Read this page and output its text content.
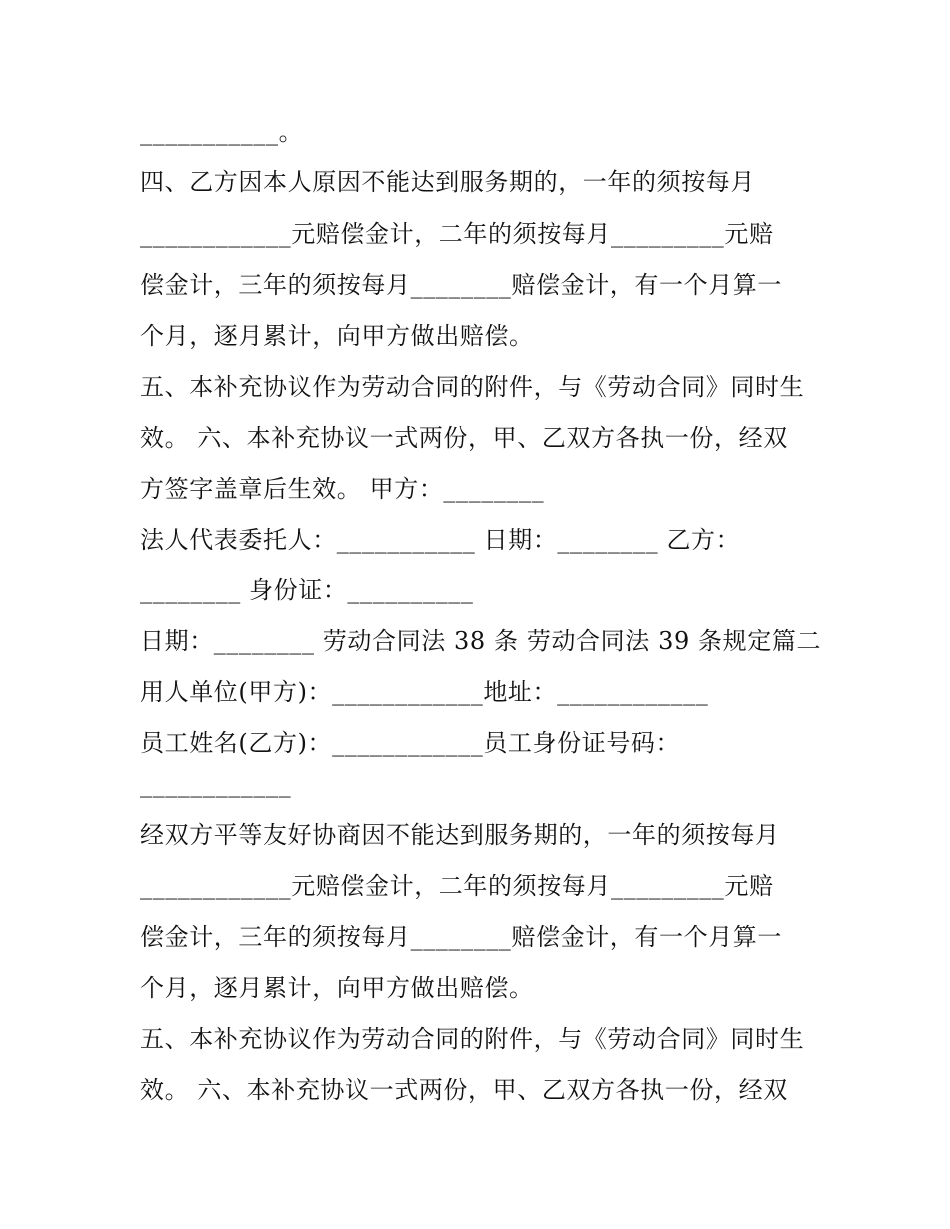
___________。
四、乙方因本人原因不能达到服务期的，一年的须按每月
____________元赔偿金计，二年的须按每月_________元赔
偿金计，三年的须按每月________赔偿金计，有一个月算一
个月，逐月累计，向甲方做出赔偿。
五、本补充协议作为劳动合同的附件，与《劳动合同》同时生
效。 六、本补充协议一式两份，甲、乙双方各执一份，经双
方签字盖章后生效。 甲方：________
法人代表委托人：___________ 日期：________ 乙方：
________ 身份证：__________
日期：________ 劳动合同法 38 条 劳动合同法 39 条规定篇二
用人单位(甲方)：____________地址：____________
员工姓名(乙方)：____________员工身份证号码：
____________
经双方平等友好协商因不能达到服务期的，一年的须按每月
____________元赔偿金计，二年的须按每月_________元赔
偿金计，三年的须按每月________赔偿金计，有一个月算一
个月，逐月累计，向甲方做出赔偿。
五、本补充协议作为劳动合同的附件，与《劳动合同》同时生
效。 六、本补充协议一式两份，甲、乙双方各执一份，经双
